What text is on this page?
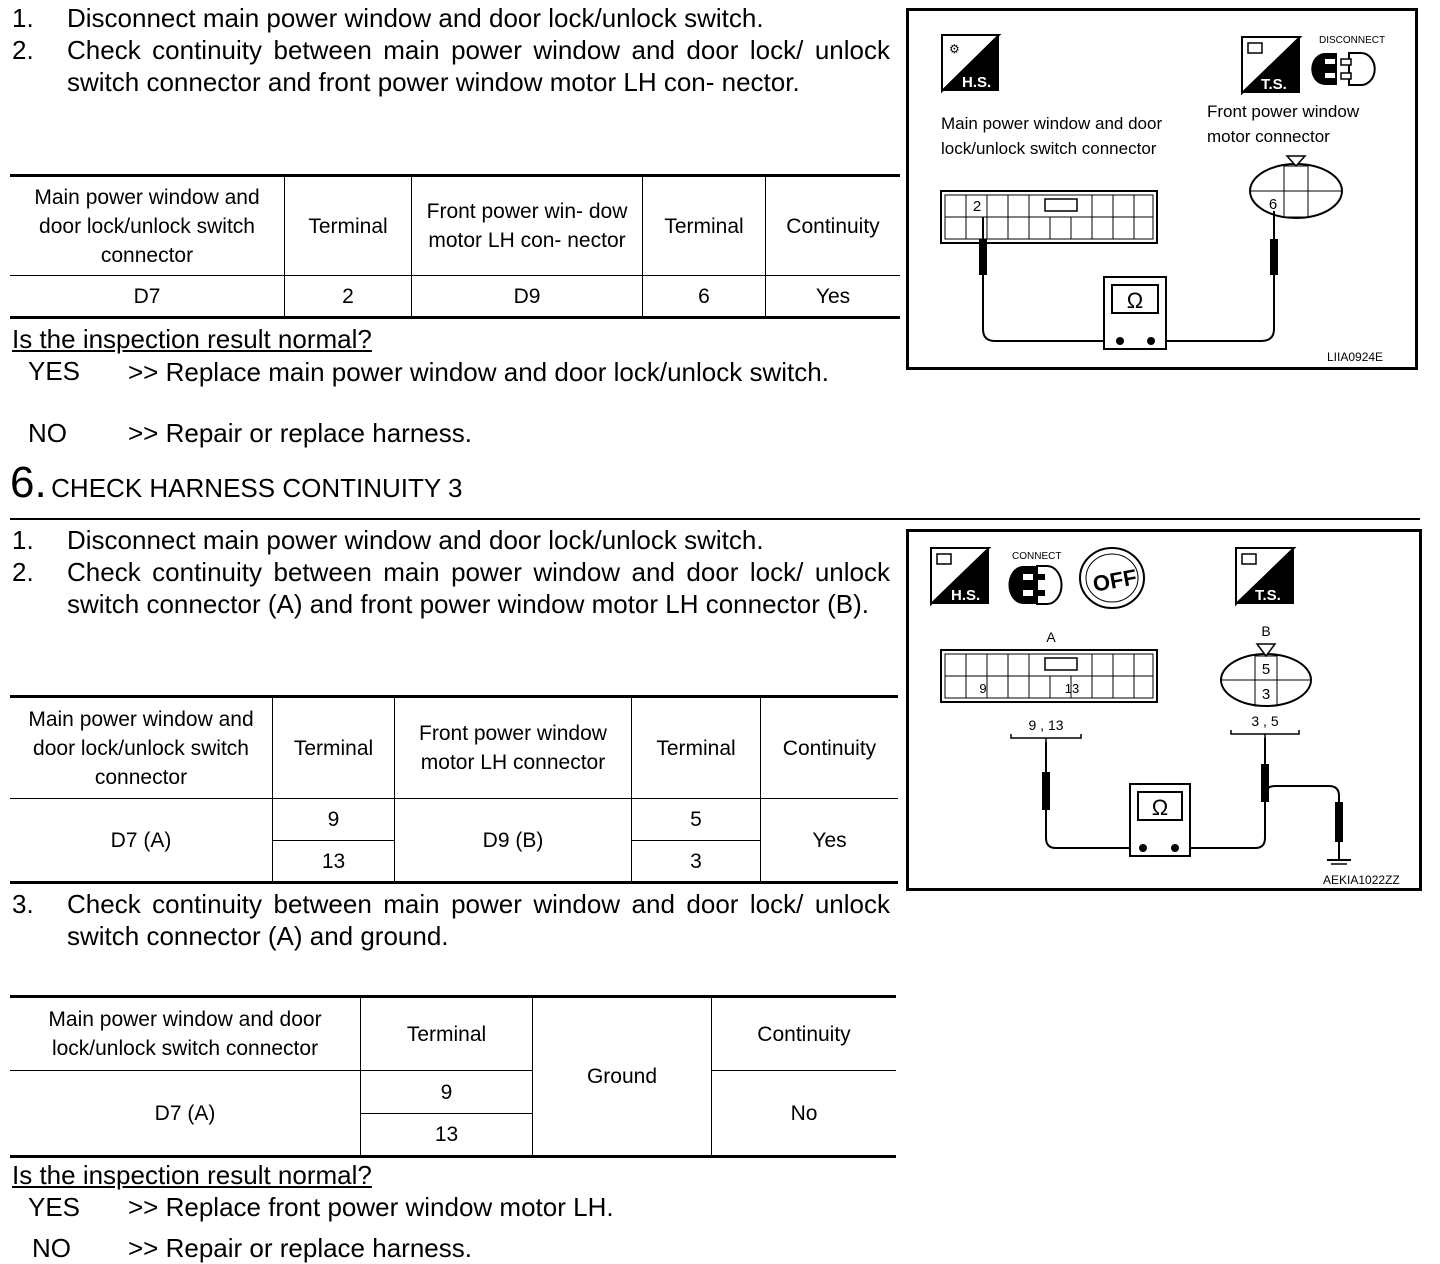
1. Disconnect main power window and door lock/unlock switch.
2. Check continuity between main power window and door lock/ unlock switch connector and front power window motor LH con- nector.
Main power window and door lock/unlock switch connector	Terminal	Front power win- dow motor LH con- nector	Terminal	Continuity
D7	2	D9	6	Yes
Is the inspection result normal?
YES	>> Replace main power window and door lock/unlock switch.
NO >> Repair or replace harness.
⚙
H.S.	T.S.
DISCONNECT
Main power window and door lock/unlock switch connector
Front power window motor connector
2	6
Ω
LIIA0924E
6. CHECK HARNESS CONTINUITY 3
1. Disconnect main power window and door lock/unlock switch.
2. Check continuity between main power window and door lock/ unlock switch connector (A) and front power window motor LH connector (B).
Main power window and door lock/unlock switch connector	Terminal	Front power window motor LH connector	Terminal	Continuity
D7 (A)	9	D9 (B)	5	Yes
	13		3	
3. Check continuity between main power window and door lock/ unlock switch connector (A) and ground.
Main power window and door lock/unlock switch connector	Terminal	Ground	Continuity
D7 (A)	9		No
	13		
Is the inspection result normal?
YES >> Replace front power window motor LH.
NO >> Repair or replace harness.
H.S.
CONNECT
OFF	T.S.
A
9	13
B
5
3
9 , 13	3 , 5
Ω
AEKIA1022ZZ
